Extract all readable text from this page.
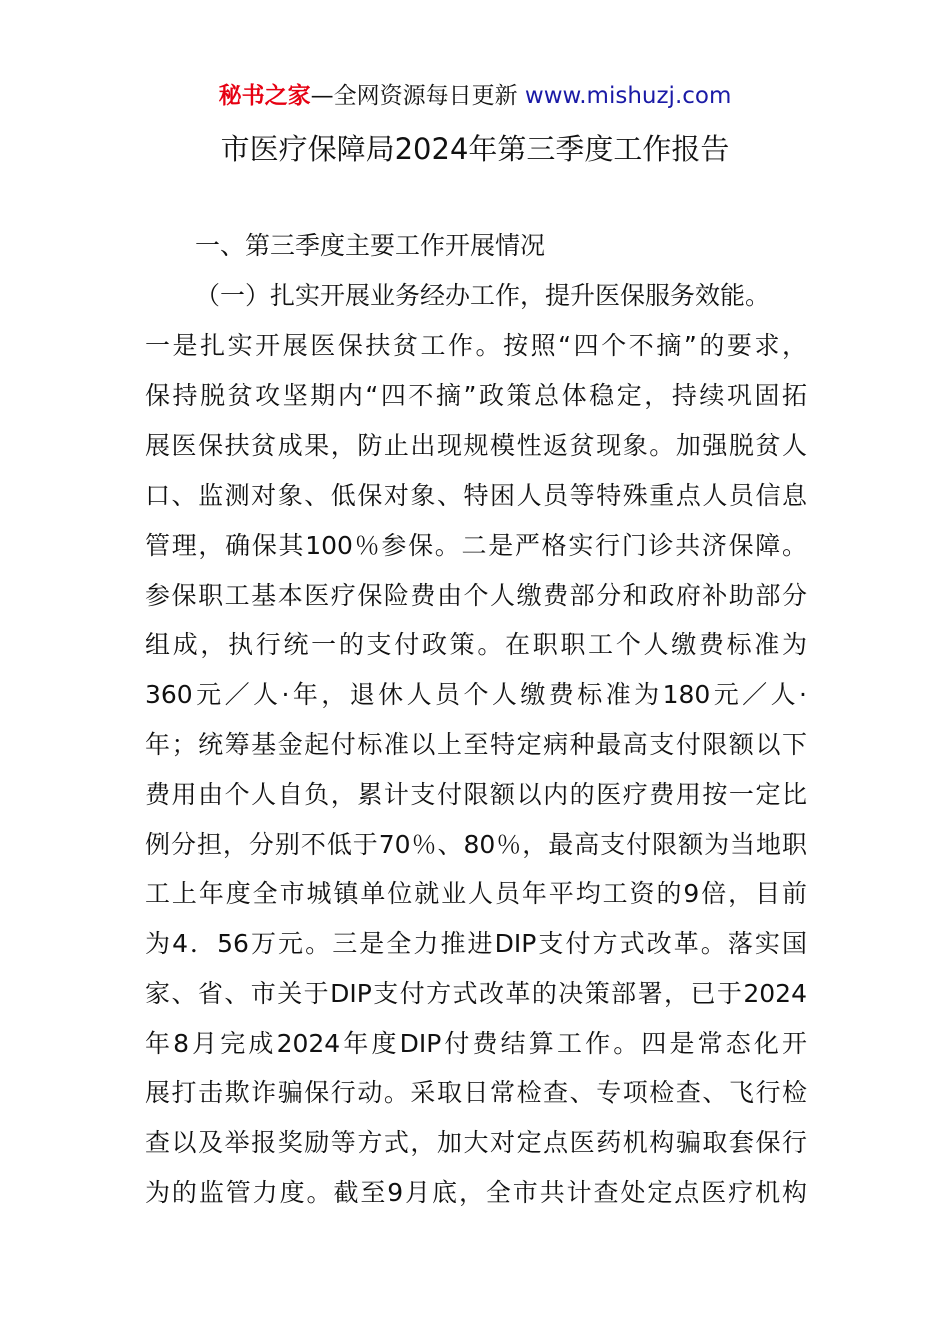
秘书之家—全网资源每日更新 www.mishuzj.com
市医疗保障局2024年第三季度工作报告
一、第三季度主要工作开展情况
（一）扎实开展业务经办工作，提升医保服务效能。
一是扎实开展医保扶贫工作。按照“四个不摘”的要求，
保持脱贫攻坚期内“四不摘”政策总体稳定，持续巩固拓
展医保扶贫成果，防止出现规模性返贫现象。加强脱贫人
口、监测对象、低保对象、特困人员等特殊重点人员信息
管理，确保其100％参保。二是严格实行门诊共济保障。
参保职工基本医疗保险费由个人缴费部分和政府补助部分
组成，执行统一的支付政策。在职职工个人缴费标准为
360元／人·年，退休人员个人缴费标准为180元／人·
年；统筹基金起付标准以上至特定病种最高支付限额以下
费用由个人自负，累计支付限额以内的医疗费用按一定比
例分担，分别不低于70％、80％，最高支付限额为当地职
工上年度全市城镇单位就业人员年平均工资的9倍，目前
为4．56万元。三是全力推进DIP支付方式改革。落实国
家、省、市关于DIP支付方式改革的决策部署，已于2024
年8月完成2024年度DIP付费结算工作。四是常态化开
展打击欺诈骗保行动。采取日常检查、专项检查、飞行检
查以及举报奖励等方式，加大对定点医药机构骗取套保行
为的监管力度。截至9月底，全市共计查处定点医疗机构
